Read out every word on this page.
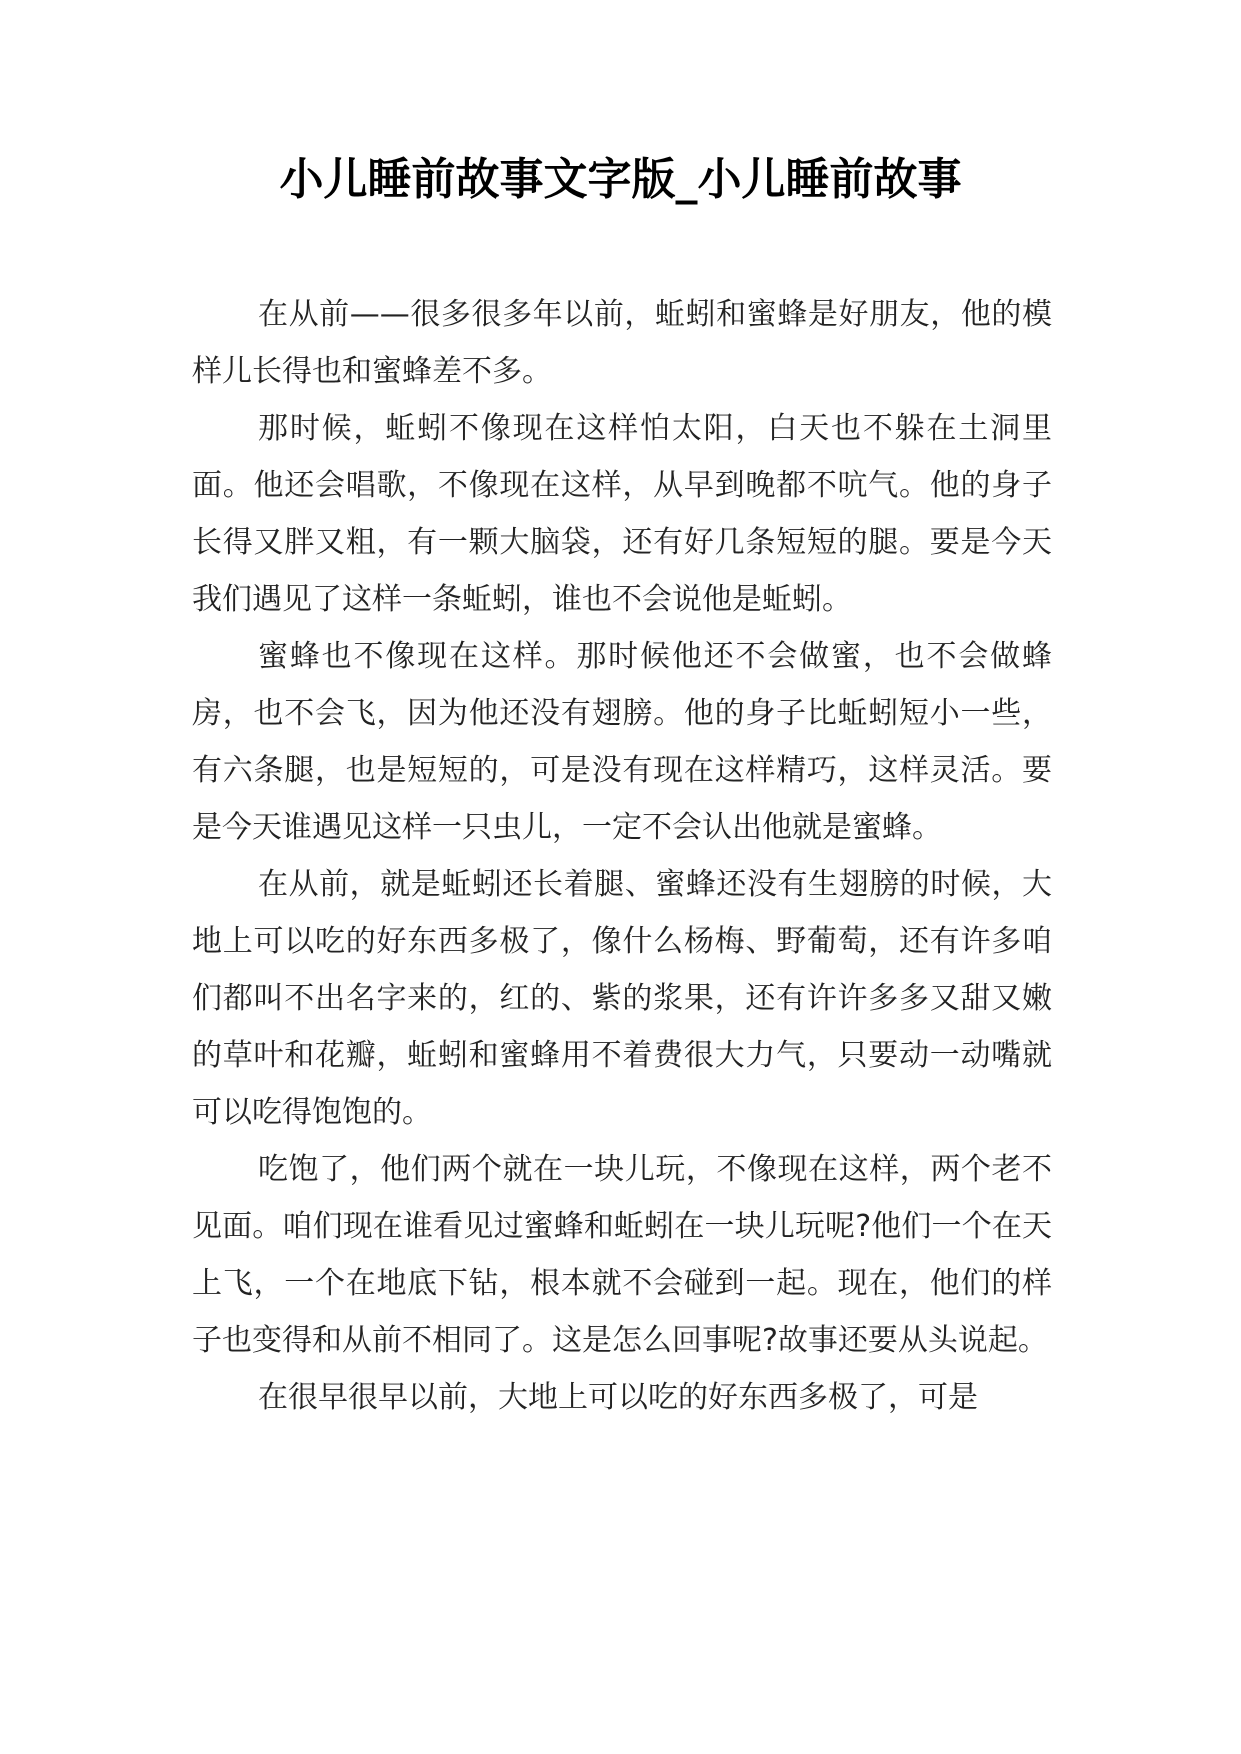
小儿睡前故事文字版_小儿睡前故事

在从前——很多很多年以前，蚯蚓和蜜蜂是好朋友，他的模样儿长得也和蜜蜂差不多。

那时候，蚯蚓不像现在这样怕太阳，白天也不躲在土洞里面。他还会唱歌，不像现在这样，从早到晚都不吭气。他的身子长得又胖又粗，有一颗大脑袋，还有好几条短短的腿。要是今天我们遇见了这样一条蚯蚓，谁也不会说他是蚯蚓。

蜜蜂也不像现在这样。那时候他还不会做蜜，也不会做蜂房，也不会飞，因为他还没有翅膀。他的身子比蚯蚓短小一些，有六条腿，也是短短的，可是没有现在这样精巧，这样灵活。要是今天谁遇见这样一只虫儿，一定不会认出他就是蜜蜂。

在从前，就是蚯蚓还长着腿、蜜蜂还没有生翅膀的时候，大地上可以吃的好东西多极了，像什么杨梅、野葡萄，还有许多咱们都叫不出名字来的，红的、紫的浆果，还有许许多多又甜又嫩的草叶和花瓣，蚯蚓和蜜蜂用不着费很大力气，只要动一动嘴就可以吃得饱饱的。

吃饱了，他们两个就在一块儿玩，不像现在这样，两个老不见面。咱们现在谁看见过蜜蜂和蚯蚓在一块儿玩呢?他们一个在天上飞，一个在地底下钻，根本就不会碰到一起。现在，他们的样子也变得和从前不相同了。这是怎么回事呢?故事还要从头说起。

在很早很早以前，大地上可以吃的好东西多极了，可是
